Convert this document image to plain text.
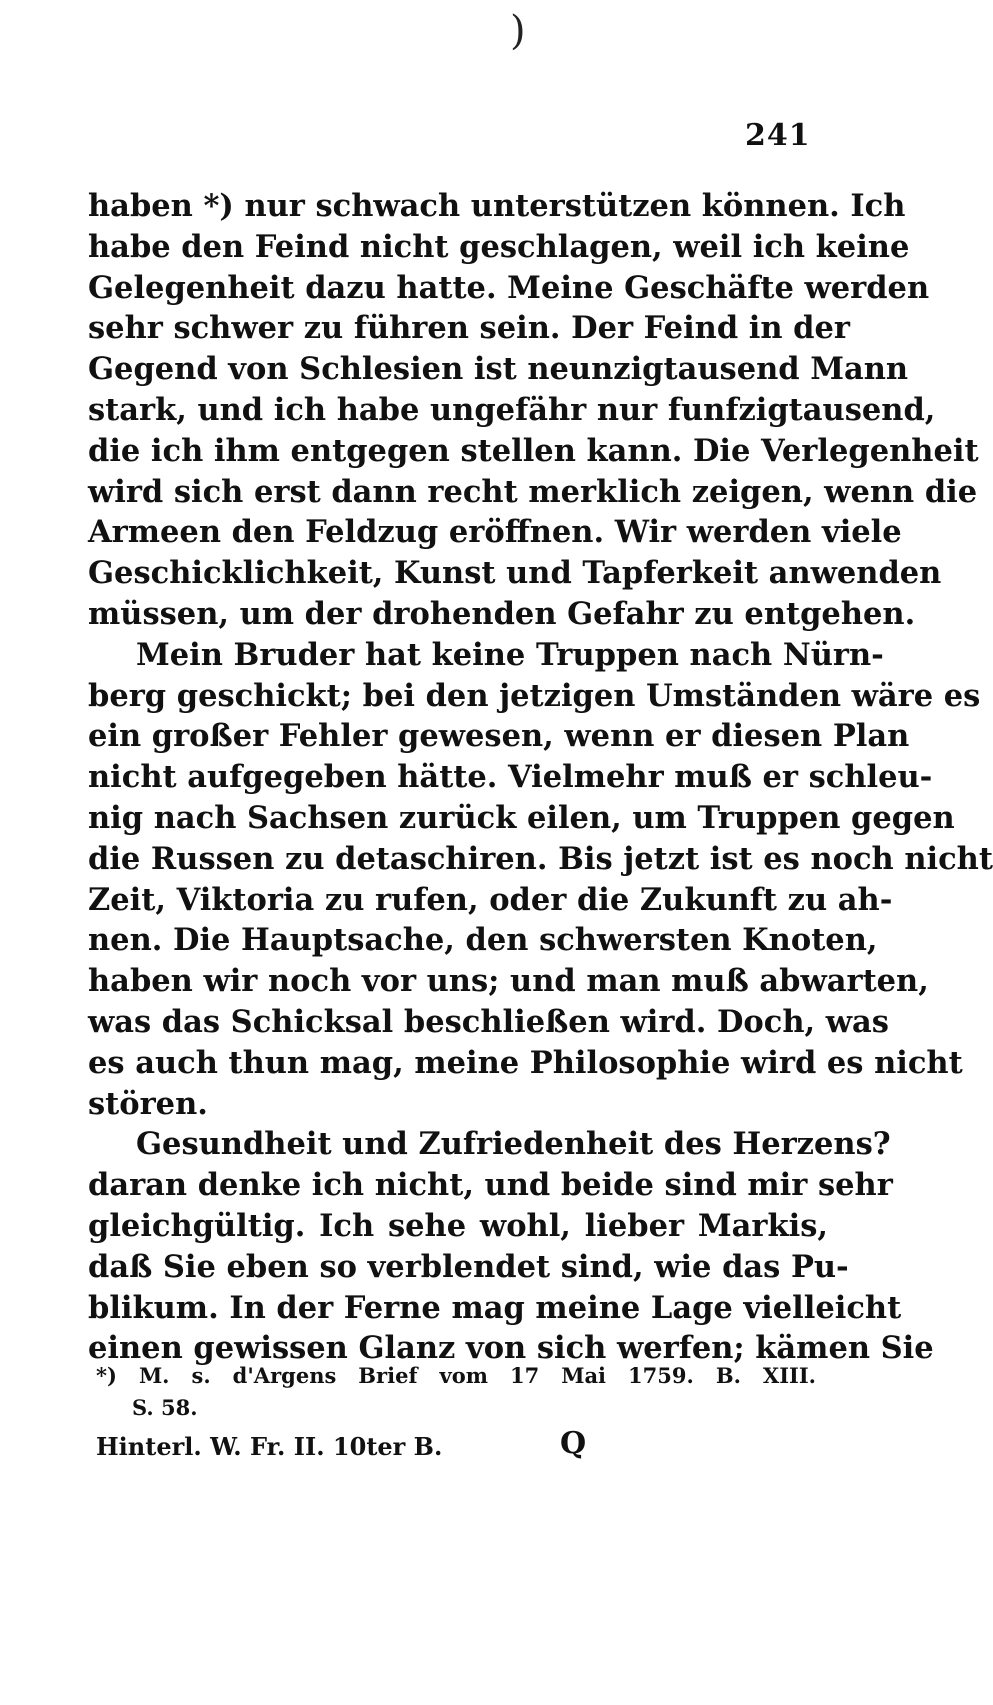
)
241
haben *) nur schwach unterstützen können. Ich
habe den Feind nicht geschlagen, weil ich keine
Gelegenheit dazu hatte. Meine Geschäfte werden
sehr schwer zu führen sein. Der Feind in der
Gegend von Schlesien ist neunzigtausend Mann
stark, und ich habe ungefähr nur funfzigtausend,
die ich ihm entgegen stellen kann. Die Verlegenheit
wird sich erst dann recht merklich zeigen, wenn die
Armeen den Feldzug eröffnen. Wir werden viele
Geschicklichkeit, Kunst und Tapferkeit anwenden
müssen, um der drohenden Gefahr zu entgehen.
Mein Bruder hat keine Truppen nach Nürn-
berg geschickt; bei den jetzigen Umständen wäre es
ein großer Fehler gewesen, wenn er diesen Plan
nicht aufgegeben hätte. Vielmehr muß er schleu-
nig nach Sachsen zurück eilen, um Truppen gegen
die Russen zu detaschiren. Bis jetzt ist es noch nicht
Zeit, Viktoria zu rufen, oder die Zukunft zu ah-
nen. Die Hauptsache, den schwersten Knoten,
haben wir noch vor uns; und man muß abwarten,
was das Schicksal beschließen wird. Doch, was
es auch thun mag, meine Philosophie wird es nicht
stören.
Gesundheit und Zufriedenheit des Herzens?
daran denke ich nicht, und beide sind mir sehr
gleichgültig. Ich sehe wohl, lieber Markis,
daß Sie eben so verblendet sind, wie das Pu-
blikum. In der Ferne mag meine Lage vielleicht
einen gewissen Glanz von sich werfen; kämen Sie
*) M. s. d'Argens Brief vom 17 Mai 1759. B. XIII.
S. 58.
Hinterl. W. Fr. II. 10ter B.	Q
